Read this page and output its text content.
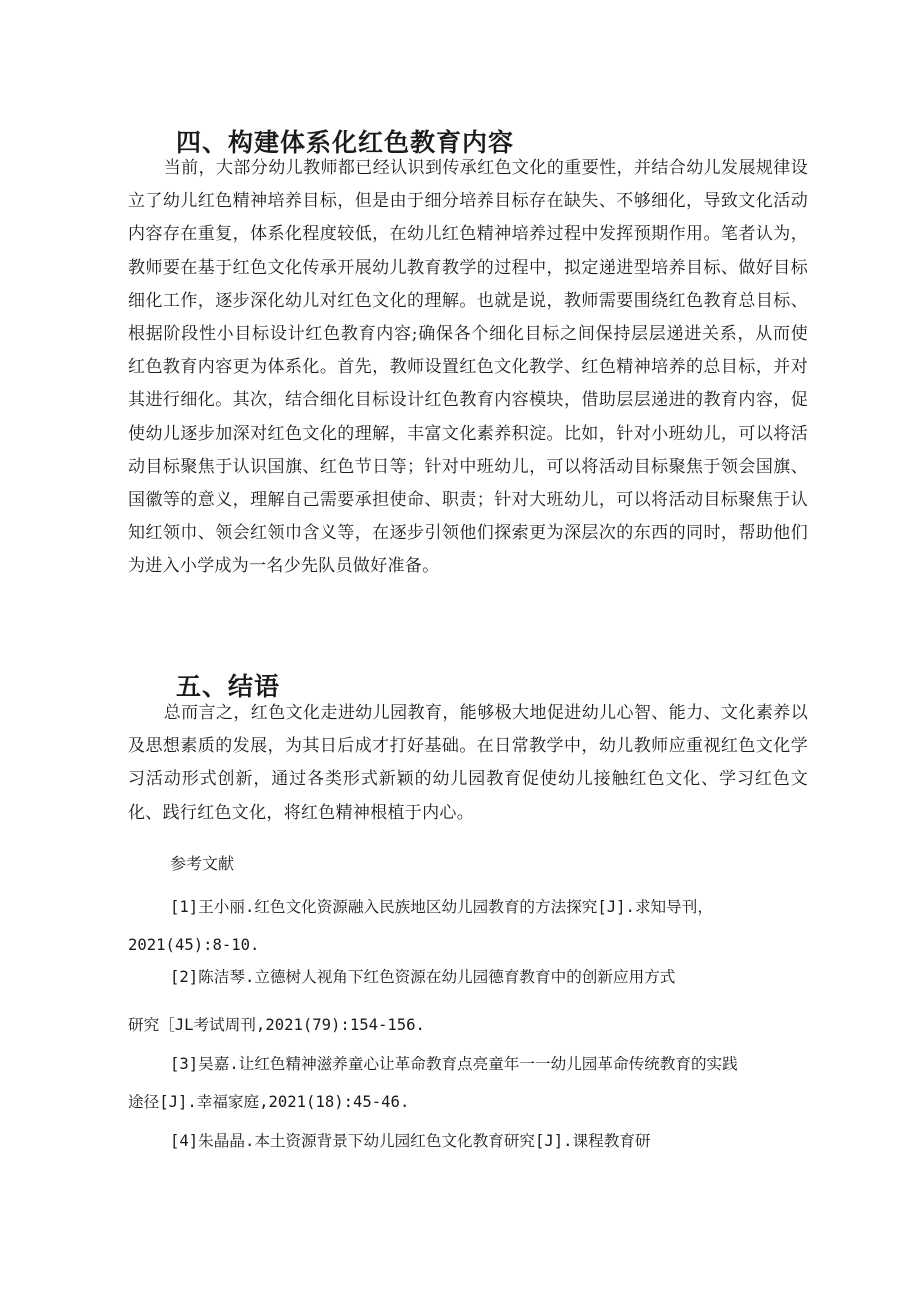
四、构建体系化红色教育内容

当前，大部分幼儿教师都已经认识到传承红色文化的重要性，并结合幼儿发展规律设立了幼儿红色精神培养目标，但是由于细分培养目标存在缺失、不够细化，导致文化活动内容存在重复，体系化程度较低，在幼儿红色精神培养过程中发挥预期作用。笔者认为，教师要在基于红色文化传承开展幼儿教育教学的过程中，拟定递进型培养目标、做好目标细化工作，逐步深化幼儿对红色文化的理解。也就是说，教师需要围绕红色教育总目标、根据阶段性小目标设计红色教育内容;确保各个细化目标之间保持层层递进关系，从而使红色教育内容更为体系化。首先，教师设置红色文化教学、红色精神培养的总目标，并对其进行细化。其次，结合细化目标设计红色教育内容模块，借助层层递进的教育内容，促使幼儿逐步加深对红色文化的理解，丰富文化素养积淀。比如，针对小班幼儿，可以将活动目标聚焦于认识国旗、红色节日等；针对中班幼儿，可以将活动目标聚焦于领会国旗、国徽等的意义，理解自己需要承担使命、职责；针对大班幼儿，可以将活动目标聚焦于认知红领巾、领会红领巾含义等，在逐步引领他们探索更为深层次的东西的同时，帮助他们为进入小学成为一名少先队员做好准备。

五、结语

总而言之，红色文化走进幼儿园教育，能够极大地促进幼儿心智、能力、文化素养以及思想素质的发展，为其日后成才打好基础。在日常教学中，幼儿教师应重视红色文化学习活动形式创新，通过各类形式新颖的幼儿园教育促使幼儿接触红色文化、学习红色文化、践行红色文化，将红色精神根植于内心。

参考文献

[1]王小丽.红色文化资源融入民族地区幼儿园教育的方法探究[J].求知导刊，
2021(45):8-10.
[2]陈洁琴.立德树人视角下红色资源在幼儿园德育教育中的创新应用方式
研究［JL考试周刊,2021(79):154-156.
[3]吴嘉.让红色精神滋养童心让革命教育点亮童年一一幼儿园革命传统教育的实践
途径[J].幸福家庭,2021(18):45-46.
[4]朱晶晶.本土资源背景下幼儿园红色文化教育研究[J].课程教育研
